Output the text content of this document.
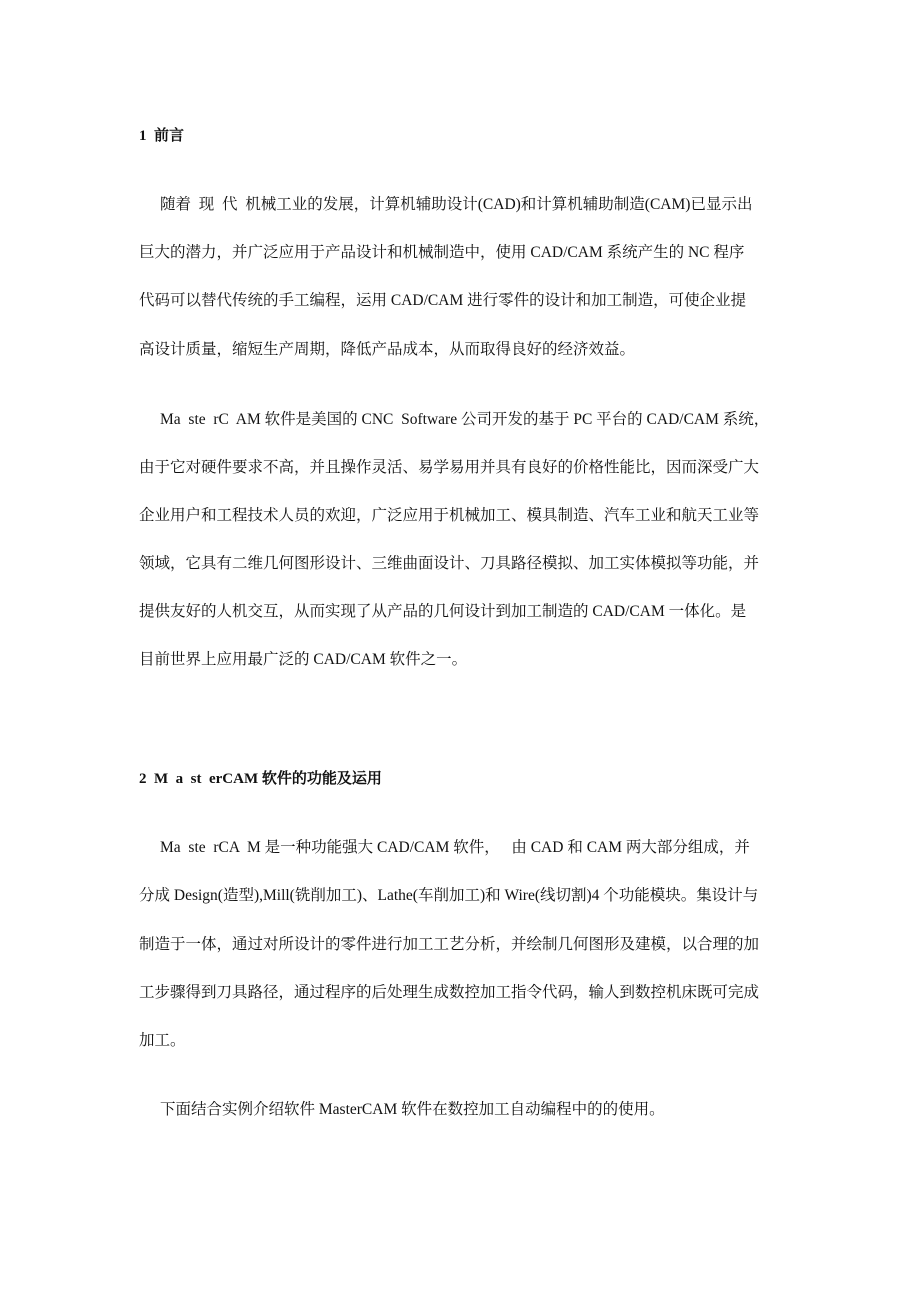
1  前言
随着  现  代  机械工业的发展，计算机辅助设计(CAD)和计算机辅助制造(CAM)已显示出
巨大的潜力，并广泛应用于产品设计和机械制造中，使用 CAD/CAM 系统产生的 NC 程序
代码可以替代传统的手工编程，运用 CAD/CAM 进行零件的设计和加工制造，可使企业提
高设计质量，缩短生产周期，降低产品成本，从而取得良好的经济效益。
Ma  ste  rC  AM 软件是美国的 CNC  Software 公司开发的基于 PC 平台的 CAD/CAM 系统，
由于它对硬件要求不高，并且操作灵活、易学易用并具有良好的价格性能比，因而深受广大
企业用户和工程技术人员的欢迎，广泛应用于机械加工、模具制造、汽车工业和航天工业等
领域，它具有二维几何图形设计、三维曲面设计、刀具路径模拟、加工实体模拟等功能，并
提供友好的人机交互，从而实现了从产品的几何设计到加工制造的 CAD/CAM 一体化。是
目前世界上应用最广泛的 CAD/CAM 软件之一。
2  M  a  st  erCAM 软件的功能及运用
Ma  ste  rCA  M 是一种功能强大 CAD/CAM 软件，   由 CAD 和 CAM 两大部分组成，并
分成 Design(造型),Mill(铣削加工)、Lathe(车削加工)和 Wire(线切割)4 个功能模块。集设计与
制造于一体，通过对所设计的零件进行加工工艺分析，并绘制几何图形及建模，以合理的加
工步骤得到刀具路径，通过程序的后处理生成数控加工指令代码，输人到数控机床既可完成
加工。
下面结合实例介绍软件 MasterCAM 软件在数控加工自动编程中的的使用。
